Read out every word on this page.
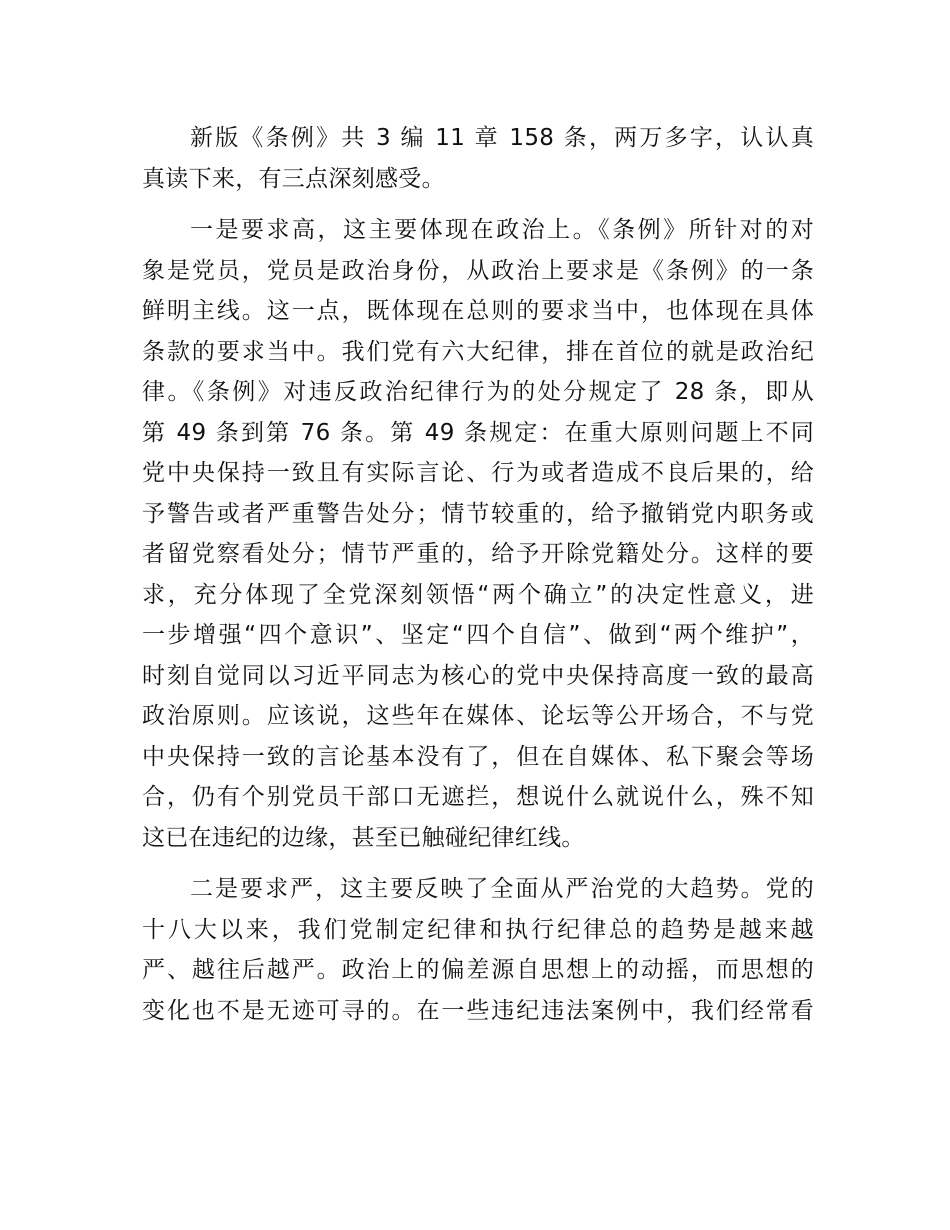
新版《条例》共 3 编 11 章 158 条，两万多字，认认真
真读下来，有三点深刻感受。
一是要求高，这主要体现在政治上。《条例》所针对的对
象是党员，党员是政治身份，从政治上要求是《条例》的一条
鲜明主线。这一点，既体现在总则的要求当中，也体现在具体
条款的要求当中。我们党有六大纪律，排在首位的就是政治纪
律。《条例》对违反政治纪律行为的处分规定了 28 条，即从
第 49 条到第 76 条。第 49 条规定：在重大原则问题上不同
党中央保持一致且有实际言论、行为或者造成不良后果的，给
予警告或者严重警告处分；情节较重的，给予撤销党内职务或
者留党察看处分；情节严重的，给予开除党籍处分。这样的要
求，充分体现了全党深刻领悟“两个确立”的决定性意义，进
一步增强“四个意识”、坚定“四个自信”、做到“两个维护”，
时刻自觉同以习近平同志为核心的党中央保持高度一致的最高
政治原则。应该说，这些年在媒体、论坛等公开场合，不与党
中央保持一致的言论基本没有了，但在自媒体、私下聚会等场
合，仍有个别党员干部口无遮拦，想说什么就说什么，殊不知
这已在违纪的边缘，甚至已触碰纪律红线。
二是要求严，这主要反映了全面从严治党的大趋势。党的
十八大以来，我们党制定纪律和执行纪律总的趋势是越来越
严、越往后越严。政治上的偏差源自思想上的动摇，而思想的
变化也不是无迹可寻的。在一些违纪违法案例中，我们经常看
